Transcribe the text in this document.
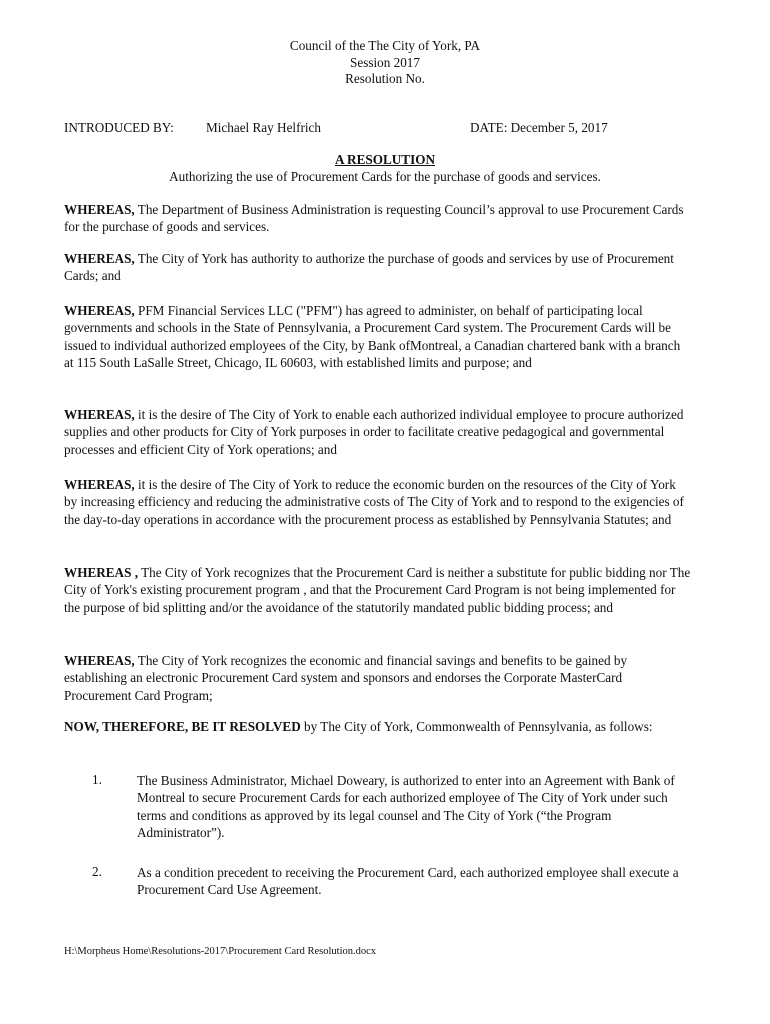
Council of the The City of York, PA
Session 2017
Resolution No.
INTRODUCED BY: Michael Ray Helfrich	DATE: December 5, 2017
A RESOLUTION
Authorizing the use of Procurement Cards for the purchase of goods and services.
WHEREAS, The Department of Business Administration is requesting Council’s approval to use Procurement Cards for the purchase of goods and services.
WHEREAS, The City of York has authority to authorize the purchase of goods and services by use of Procurement Cards; and
WHEREAS, PFM Financial Services LLC ("PFM") has agreed to administer, on behalf of participating local governments and schools in the State of Pennsylvania, a Procurement Card system. The Procurement Cards will be issued to individual authorized employees of the City, by Bank ofMontreal, a Canadian chartered bank with a branch at 115 South LaSalle Street, Chicago, IL 60603, with established limits and purpose; and
WHEREAS, it is the desire of The City of York to enable each authorized individual employee to procure authorized supplies and other products for City of York purposes in order to facilitate creative pedagogical and governmental processes and efficient City of York operations; and
WHEREAS, it is the desire of The City of York to reduce the economic burden on the resources of the City of York by increasing efficiency and reducing the administrative costs of The City of York and to respond to the exigencies of the day-to-day operations in accordance with the procurement process as established by Pennsylvania Statutes; and
WHEREAS , The City of York recognizes that the Procurement Card is neither a substitute for public bidding nor The City of York's existing procurement program , and that the Procurement Card Program is not being implemented for the purpose of bid splitting and/or the avoidance of the statutorily mandated public bidding process; and
WHEREAS, The City of York recognizes the economic and financial savings and benefits to be gained by establishing an electronic Procurement Card system and sponsors and endorses the Corporate MasterCard Procurement Card Program;
NOW, THEREFORE, BE IT RESOLVED by The City of York, Commonwealth of Pennsylvania, as follows:
1.	The Business Administrator, Michael Doweary, is authorized to enter into an Agreement with Bank of Montreal to secure Procurement Cards for each authorized employee of The City of York under such terms and conditions as approved by its legal counsel and The City of York (“the Program Administrator”).
2.	As a condition precedent to receiving the Procurement Card, each authorized employee shall execute a Procurement Card Use Agreement.
H:\Morpheus Home\Resolutions-2017\Procurement Card Resolution.docx
